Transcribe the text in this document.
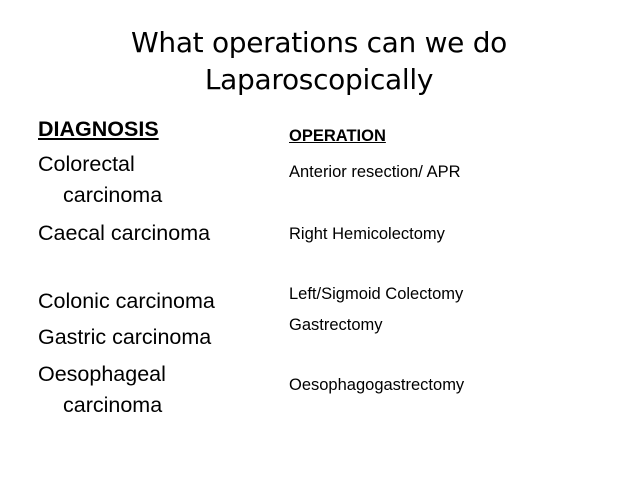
What operations can we do
Laparoscopically
DIAGNOSIS
Colorectal
carcinoma
Caecal carcinoma
Colonic carcinoma
Gastric carcinoma
Oesophageal
carcinoma
OPERATION
Anterior resection/ APR
Right Hemicolectomy
Left/Sigmoid Colectomy
Gastrectomy
Oesophagogastrectomy
